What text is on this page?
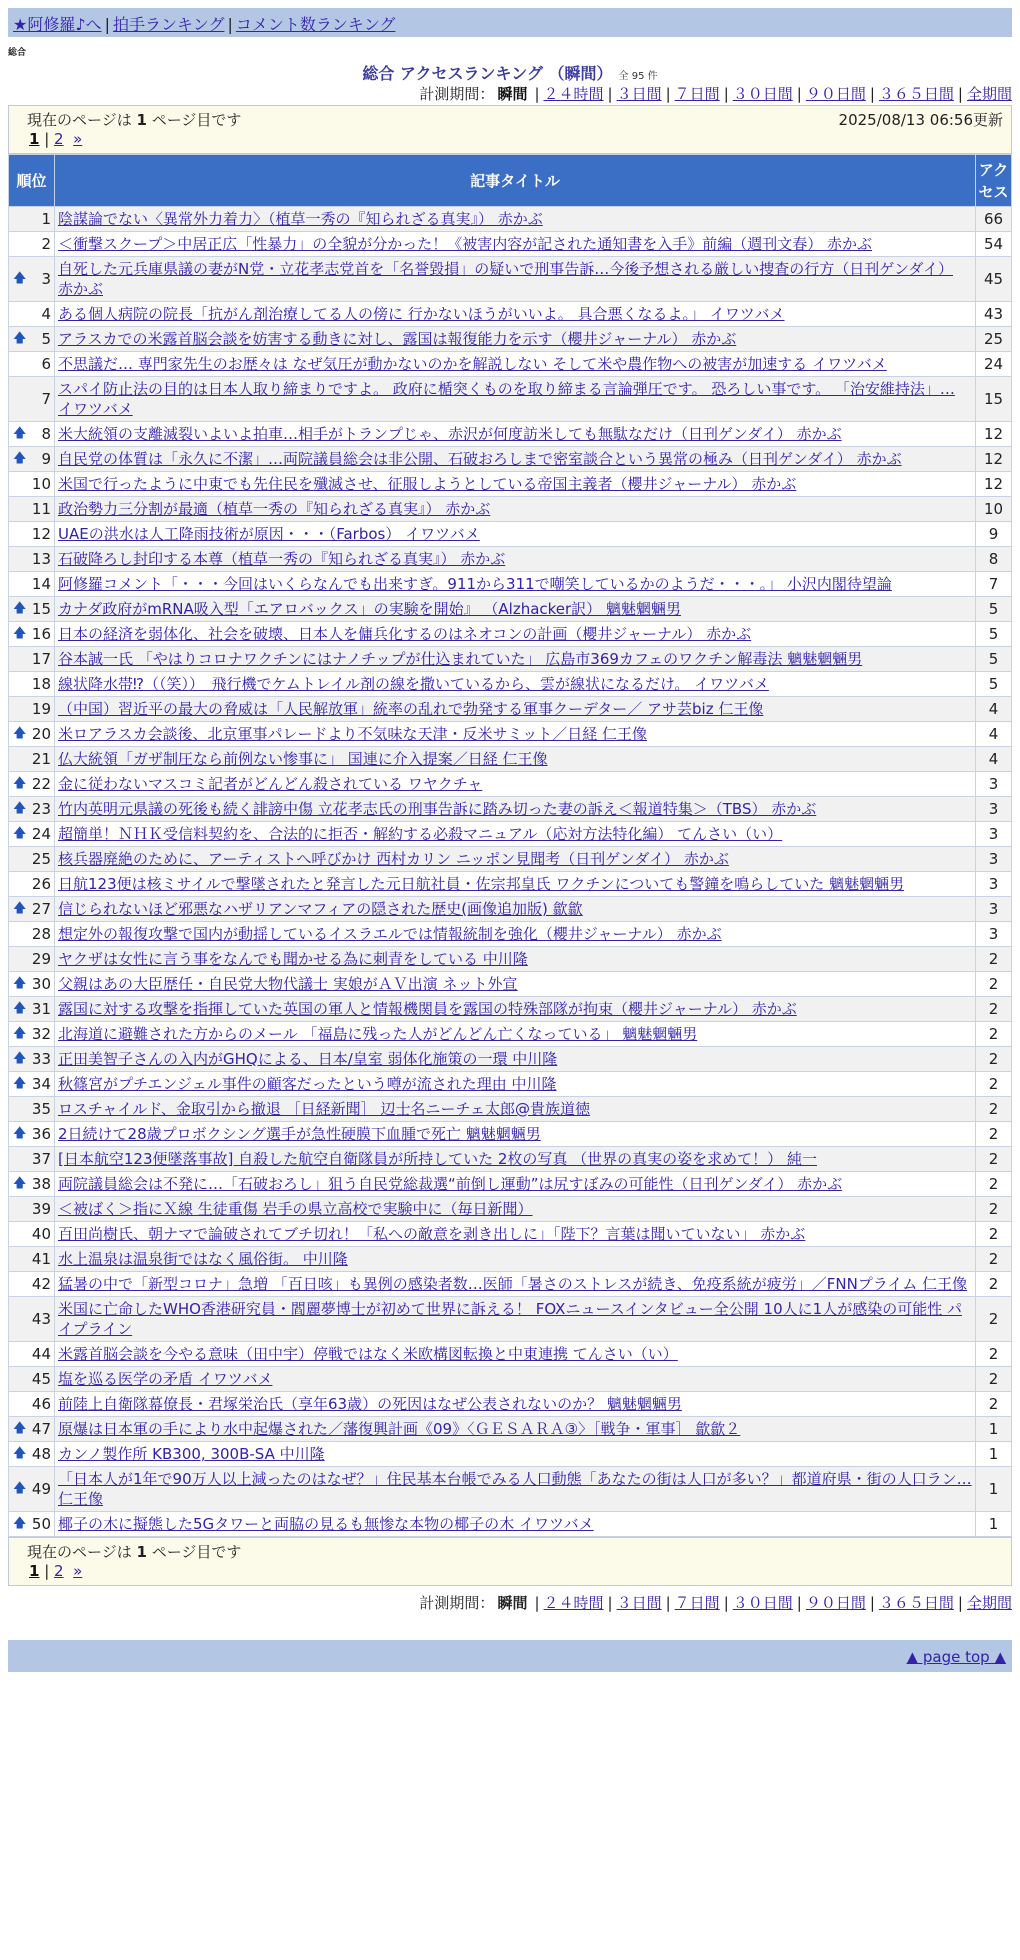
★阿修羅♪へ | 拍手ランキング | コメント数ランキング
総合
総合 アクセスランキング （瞬間） 全 95 件
計測期間： 瞬間 | ２４時間 | ３日間 | ７日間 | ３０日間 | ９０日間 | ３６５日間 | 全期間
現在のページは 1 ページ目です	2025/08/13 06:56更新
1 | 2 »
順位	記事タイトル	アクセス
1	陰謀論でない〈異常外力着力〉（植草一秀の『知られざる真実』） 赤かぶ	66
2	＜衝撃スクープ＞中居正広「性暴力」の全貌が分かった！《被害内容が記された通知書を入手》前編（週刊文春） 赤かぶ	54

🡅 3	自死した元兵庫県議の妻がN党・立花孝志党首を「名誉毀損」の疑いで刑事告訴…今後予想される厳しい捜査の行方（日刊ゲンダイ） 赤かぶ	45
4	ある個人病院の院長「抗がん剤治療してる人の傍に 行かないほうがいいよ。 具合悪くなるよ。」 イワツバメ	43

🡅 5	アラスカでの米露首脳会談を妨害する動きに対し、露国は報復能力を示す（櫻井ジャーナル） 赤かぶ	25
6	不思議だ… 専門家先生のお歴々は なぜ気圧が動かないのかを解説しない そして米や農作物への被害が加速する イワツバメ	24
7	スパイ防止法の目的は日本人取り締まりですよ。 政府に楯突くものを取り締まる言論弾圧です。 恐ろしい事です。 「治安維持法」… イワツバメ	15

🡅 8	米大統領の支離滅裂いよいよ拍車…相手がトランプじゃ、赤沢が何度訪米しても無駄なだけ（日刊ゲンダイ） 赤かぶ	12

🡅 9	自民党の体質は「永久に不潔」…両院議員総会は非公開、石破おろしまで密室談合という異常の極み（日刊ゲンダイ） 赤かぶ	12
10	米国で行ったように中東でも先住民を殲滅させ、征服しようとしている帝国主義者（櫻井ジャーナル） 赤かぶ	12
11	政治勢力三分割が最適（植草一秀の『知られざる真実』） 赤かぶ	10
12	UAEの洪水は人工降雨技術が原因・・・（Farbos） イワツバメ	9
13	石破降ろし封印する本尊（植草一秀の『知られざる真実』） 赤かぶ	8
14	阿修羅コメント「・・・今回はいくらなんでも出来すぎ。911から311で嘲笑しているかのようだ・・・。」 小沢内閣待望論	7

🡅 15	カナダ政府がmRNA吸入型「エアロバックス」の実験を開始』 （Alzhacker訳） 魑魅魍魎男	5

🡅 16	日本の経済を弱体化、社会を破壊、日本人を傭兵化するのはネオコンの計画（櫻井ジャーナル） 赤かぶ	5
17	谷本誠一氏 「やはりコロナワクチンにはナノチップが仕込まれていた」 広島市369カフェのワクチン解毒法 魑魅魍魎男	5
18	線状降水帯⁉（（笑））　飛行機でケムトレイル剤の線を撒いているから、雲が線状になるだけ。 イワツバメ	5
19	（中国）習近平の最大の脅威は「人民解放軍」統率の乱れで勃発する軍事クーデター／ アサ芸biz 仁王像	4

🡅 20	米ロアラスカ会談後、北京軍事パレードより不気味な天津・反米サミット／日経 仁王像	4
21	仏大統領「ガザ制圧なら前例ない惨事に」 国連に介入提案／日経 仁王像	4

🡅 22	金に従わないマスコミ記者がどんどん殺されている ワヤクチャ	3

🡅 23	竹内英明元県議の死後も続く誹謗中傷 立花孝志氏の刑事告訴に踏み切った妻の訴え＜報道特集＞（TBS） 赤かぶ	3

🡅 24	超簡単！ＮＨＫ受信料契約を、合法的に拒否・解約する必殺マニュアル（応対方法特化編） てんさい（い）	3
25	核兵器廃絶のために、アーティストへ呼びかけ 西村カリン ニッポン見聞考（日刊ゲンダイ） 赤かぶ	3
26	日航123便は核ミサイルで撃墜されたと発言した元日航社員・佐宗邦皇氏 ワクチンについても警鐘を鳴らしていた 魑魅魍魎男	3

🡅 27	信じられないほど邪悪なハザリアンマフィアの隠された歴史(画像追加版) 歙歙	3
28	想定外の報復攻撃で国内が動揺しているイスラエルでは情報統制を強化（櫻井ジャーナル） 赤かぶ	3
29	ヤクザは女性に言う事をなんでも聞かせる為に刺青をしている 中川隆	2

🡅 30	父親はあの大臣歴任・自民党大物代議士 実娘がＡＶ出演 ネット外宣	2

🡅 31	露国に対する攻撃を指揮していた英国の軍人と情報機関員を露国の特殊部隊が拘束（櫻井ジャーナル） 赤かぶ	2

🡅 32	北海道に避難された方からのメール 「福島に残った人がどんどん亡くなっている」 魑魅魍魎男	2

🡅 33	正田美智子さんの入内がGHQによる、日本/皇室 弱体化施策の一環 中川隆	2

🡅 34	秋篠宮がプチエンジェル事件の顧客だったという噂が流された理由 中川隆	2
35	ロスチャイルド、金取引から撤退 ［日経新聞］ 辺士名ニーチェ太郎@貴族道徳	2

🡅 36	2日続けて28歳プロボクシング選手が急性硬膜下血腫で死亡 魑魅魍魎男	2
37	[日本航空123便墜落事故] 自殺した航空自衛隊員が所持していた 2枚の写真 （世界の真実の姿を求めて！） 純一	2

🡅 38	両院議員総会は不発に…「石破おろし」狙う自民党総裁選“前倒し運動”は尻すぼみの可能性（日刊ゲンダイ） 赤かぶ	2
39	＜被ばく＞指にＸ線 生徒重傷 岩手の県立高校で実験中に（毎日新聞）	2
40	百田尚樹氏、朝ナマで論破されてブチ切れ！「私への敵意を剥き出しに」「陛下？言葉は聞いていない」 赤かぶ	2
41	水上温泉は温泉街ではなく風俗街。 中川隆	2
42	猛暑の中で「新型コロナ」急増 「百日咳」も異例の感染者数…医師「暑さのストレスが続き、免疫系統が疲労」／FNNプライム 仁王像	2
43	米国に亡命したWHO香港研究員・閻麗夢博士が初めて世界に訴える！ FOXニュースインタビュー全公開 10人に1人が感染の可能性 パイプライン	2
44	米露首脳会談を今やる意味（田中宇）停戦ではなく米欧構図転換と中東連携 てんさい（い）	2
45	塩を巡る医学の矛盾 イワツバメ	2
46	前陸上自衛隊幕僚長・君塚栄治氏（享年63歳）の死因はなぜ公表されないのか？ 魑魅魍魎男	2

🡅 47	原爆は日本軍の手により水中起爆された／藩復興計画《09》〈ＧＥＳＡＲＡ③〉［戦争・軍事］ 歙歙２	1

🡅 48	カンノ製作所 KB300, 300B-SA 中川隆	1

🡅 49	「日本人が1年で90万人以上減ったのはなぜ？」住民基本台帳でみる人口動態「あなたの街は人口が多い？」都道府県・街の人口ラン… 仁王像	1

🡅 50	椰子の木に擬態した5Gタワーと両脇の見るも無惨な本物の椰子の木 イワツバメ	1
現在のページは 1 ページ目です
1 | 2 »
計測期間： 瞬間 | ２４時間 | ３日間 | ７日間 | ３０日間 | ９０日間 | ３６５日間 | 全期間
▲ page top ▲
